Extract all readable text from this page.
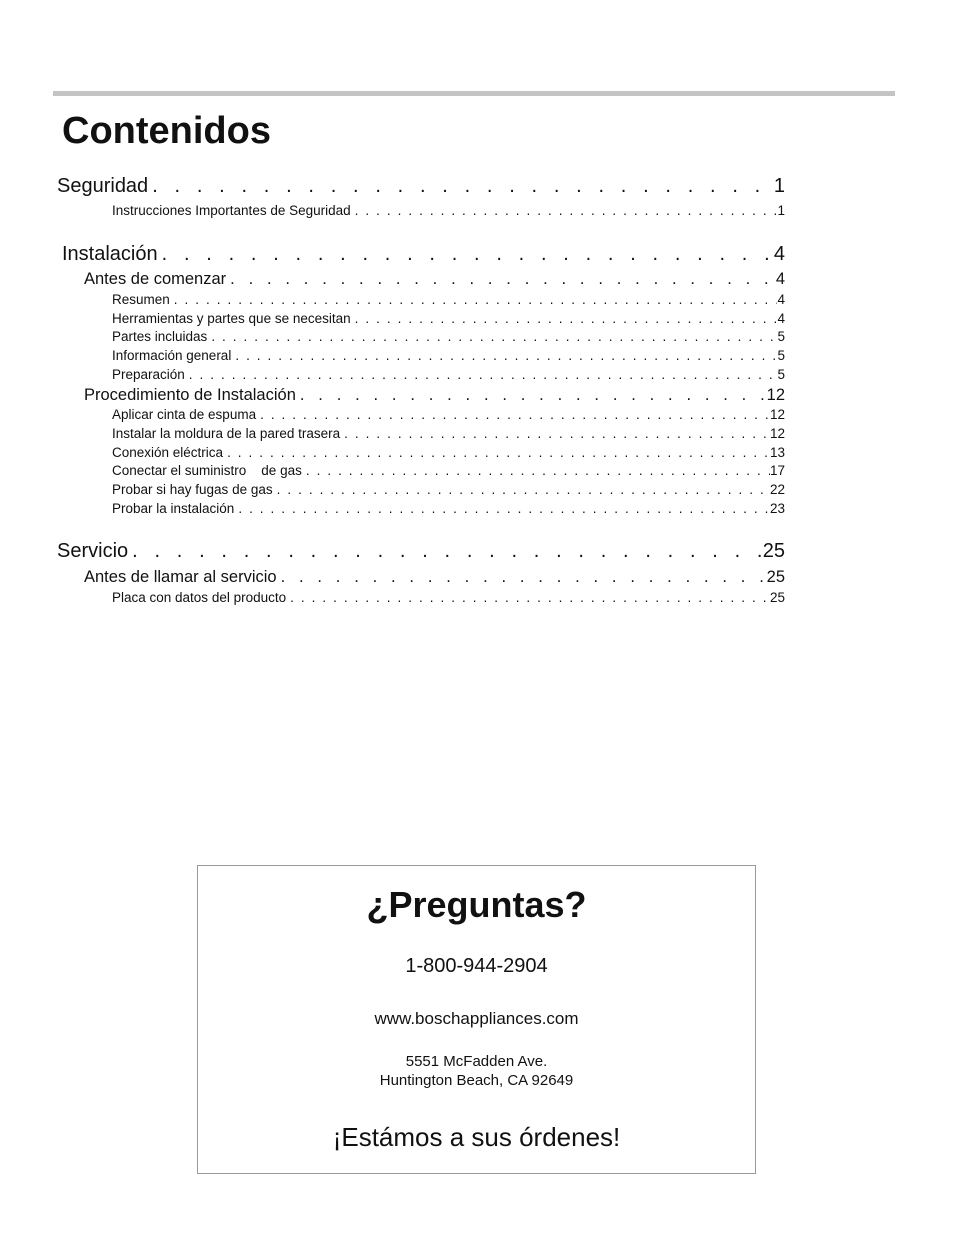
Contenidos
Seguridad . . .	1
Instrucciones Importantes de Seguridad . . .	1
Instalación . . .	4
Antes de comenzar . . .	4
Resumen . . .	4
Herramientas y partes que se necesitan . . .	4
Partes incluidas . . .	5
Información general . . .	5
Preparación . . .	5
Procedimiento de Instalación . . .	12
Aplicar cinta de espuma . . .	12
Instalar la moldura de la pared trasera . . .	12
Conexión eléctrica . . .	13
Conectar el suministro    de gas . . .	17
Probar si hay fugas de gas . . .	22
Probar la instalación . . .	23
Servicio . . .	25
Antes de llamar al servicio . . .	25
Placa con datos del producto . . .	25
¿Preguntas?
1-800-944-2904
www.boschappliances.com
5551 McFadden Ave.
Huntington Beach, CA 92649
¡Estámos a sus órdenes!
